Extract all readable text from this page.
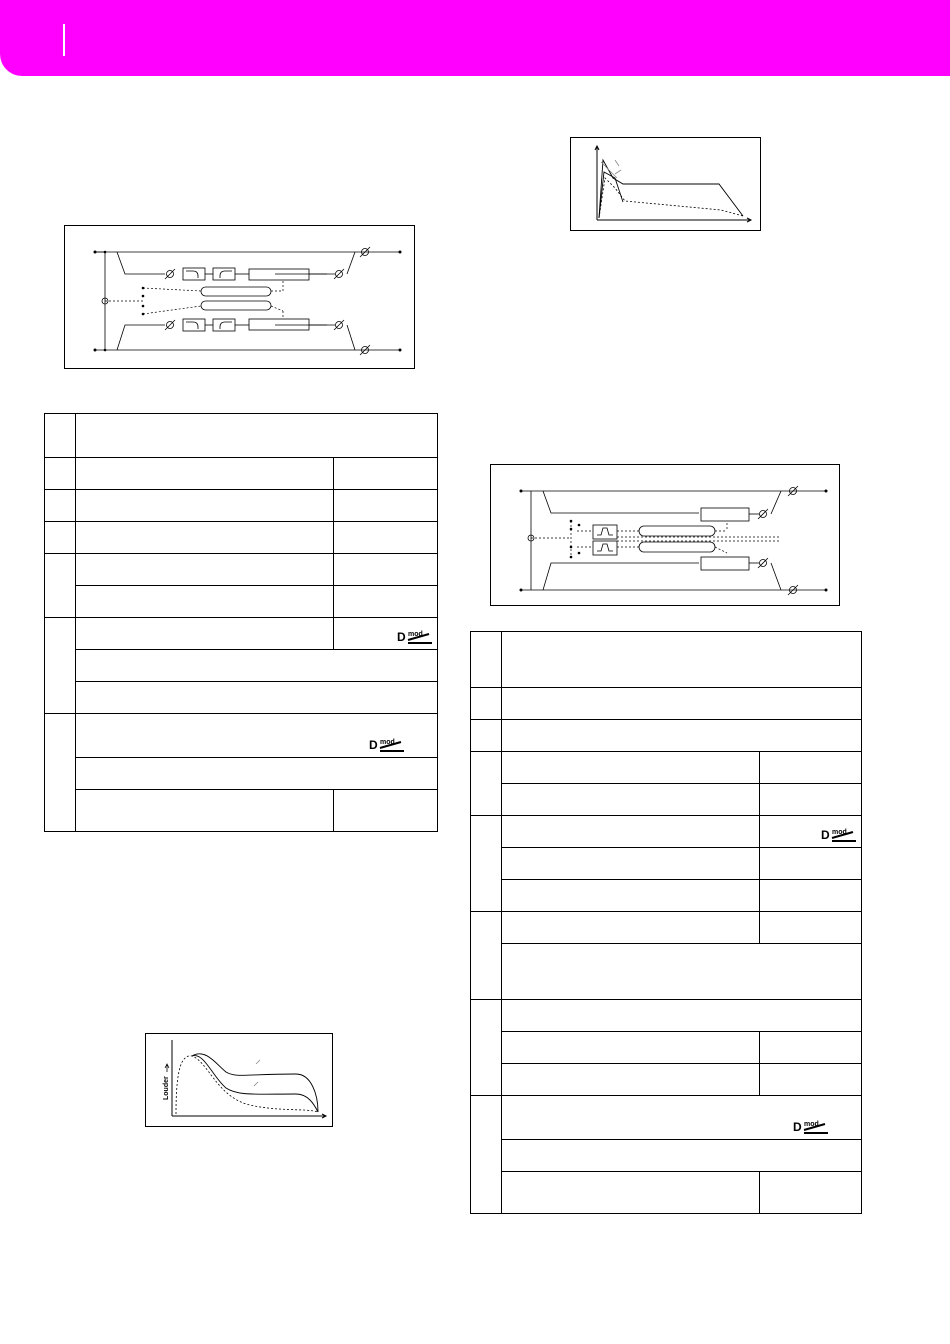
		D mod

	D mod	

Louder

		D mod

	D mod	
